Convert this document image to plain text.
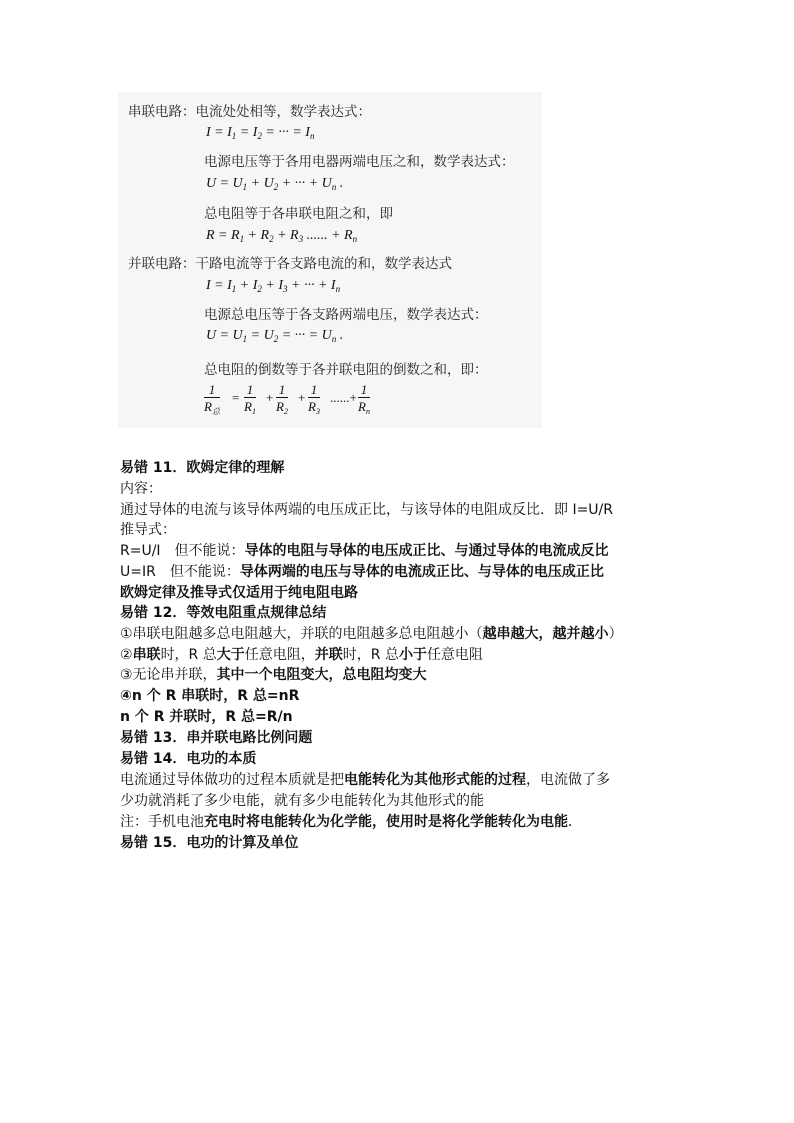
串联电路：电流处处相等，数学表达式：
$I = I_1 = I_2$ = ··· = $I_n$
电源电压等于各用电器两端电压之和，数学表达式：
$U = U_1 + U_2$ + ··· + $U_n$ .
总电阻等于各串联电阻之和，即
$R = R_1 + R_2 + R_3$ ...... + $R_n$
并联电路：干路电流等于各支路电流的和，数学表达式
$I = I_1 + I_2 + I_3$ + ··· + $I_n$
电源总电压等于各支路两端电压，数学表达式：
$U = U_1 = U_2$ = ··· = $U_n$ .
总电阻的倒数等于各并联电阻的倒数之和，即：
1
$R_总$
= $\frac{1}{R_1} + \frac{1}{R_2} + \frac{1}{R_3}$ ......+ $\frac{1}{R_n}$
易错 11．欧姆定律的理解
内容：
通过导体的电流与该导体两端的电压成正比，与该导体的电阻成反比．即 I=U/R
推导式：
R=U/I　但不能说：导体的电阻与导体的电压成正比、与通过导体的电流成反比
U=IR　但不能说：导体两端的电压与导体的电流成正比、与导体的电压成正比
欧姆定律及推导式仅适用于纯电阻电路
易错 12．等效电阻重点规律总结
①串联电阻越多总电阻越大，并联的电阻越多总电阻越小（越串越大，越并越小）
②串联时，R 总大于任意电阻，并联时，R 总小于任意电阻
③无论串并联，其中一个电阻变大，总电阻均变大
④n 个 R 串联时，R 总=nR
n 个 R 并联时，R 总=R/n
易错 13．串并联电路比例问题
易错 14．电功的本质
电流通过导体做功的过程本质就是把电能转化为其他形式能的过程，电流做了多
少功就消耗了多少电能，就有多少电能转化为其他形式的能
注：手机电池充电时将电能转化为化学能，使用时是将化学能转化为电能．
易错 15．电功的计算及单位
